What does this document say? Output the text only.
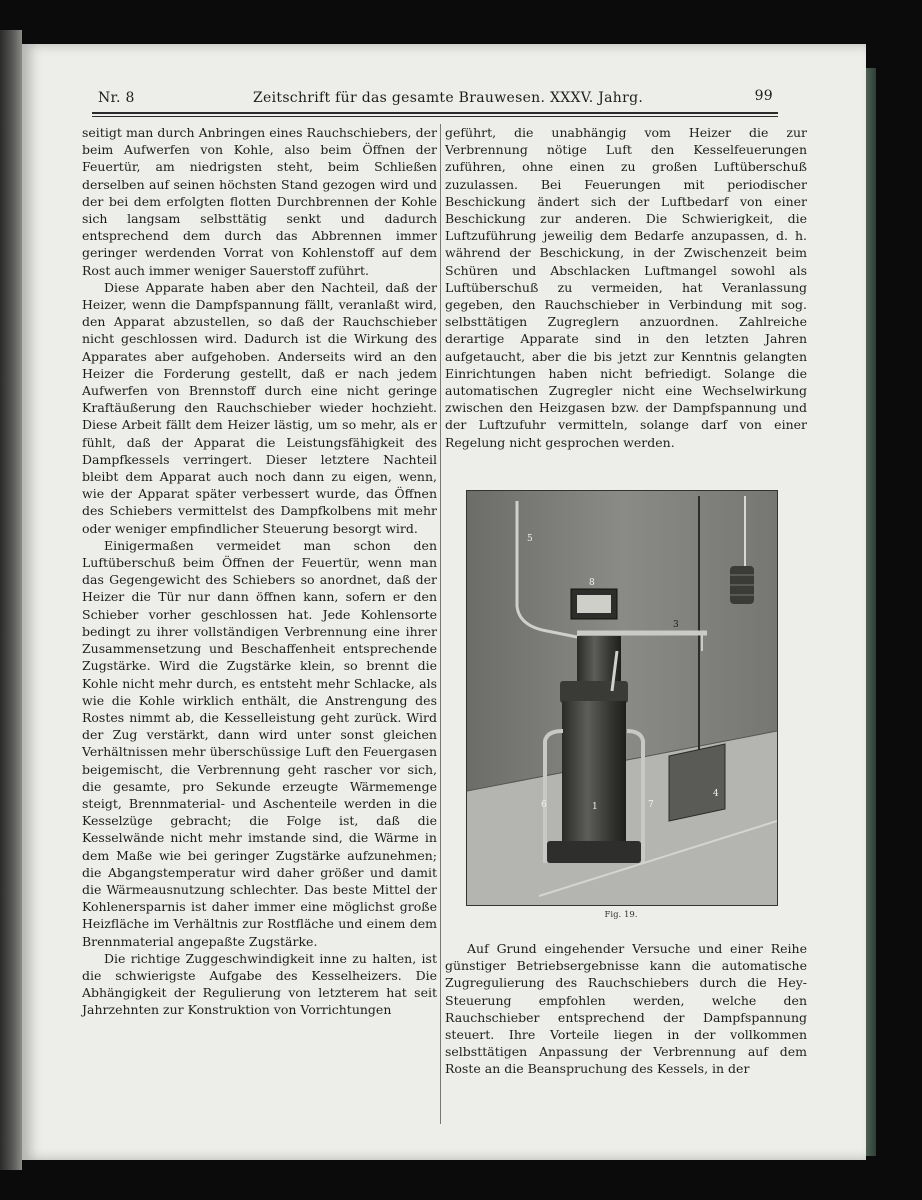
Nr. 8	Zeitschrift für das gesamte Brauwesen. XXXV. Jahrg.	99

seitigt man durch Anbringen eines Rauchschiebers, der beim Aufwerfen von Kohle, also beim Öffnen der Feuertür, am niedrigsten steht, beim Schließen derselben auf seinen höchsten Stand gezogen wird und der bei dem erfolgten flotten Durchbrennen der Kohle sich langsam selbsttätig senkt und dadurch entsprechend dem durch das Abbrennen immer geringer werdenden Vorrat von Kohlenstoff auf dem Rost auch immer weniger Sauerstoff zuführt.

Diese Apparate haben aber den Nachteil, daß der Heizer, wenn die Dampfspannung fällt, veranlaßt wird, den Apparat abzustellen, so daß der Rauchschieber nicht geschlossen wird. Dadurch ist die Wirkung des Apparates aber aufgehoben. Anderseits wird an den Heizer die Forderung gestellt, daß er nach jedem Aufwerfen von Brennstoff durch eine nicht geringe Kraftäußerung den Rauchschieber wieder hochzieht. Diese Arbeit fällt dem Heizer lästig, um so mehr, als er fühlt, daß der Apparat die Leistungsfähigkeit des Dampfkessels verringert. Dieser letztere Nachteil bleibt dem Apparat auch noch dann zu eigen, wenn, wie der Apparat später verbessert wurde, das Öffnen des Schiebers vermittelst des Dampfkolbens mit mehr oder weniger empfindlicher Steuerung besorgt wird.

Einigermaßen vermeidet man schon den Luftüberschuß beim Öffnen der Feuertür, wenn man das Gegengewicht des Schiebers so anordnet, daß der Heizer die Tür nur dann öffnen kann, sofern er den Schieber vorher geschlossen hat. Jede Kohlensorte bedingt zu ihrer vollständigen Verbrennung eine ihrer Zusammensetzung und Beschaffenheit entsprechende Zugstärke. Wird die Zugstärke klein, so brennt die Kohle nicht mehr durch, es entsteht mehr Schlacke, als wie die Kohle wirklich enthält, die Anstrengung des Rostes nimmt ab, die Kesselleistung geht zurück. Wird der Zug verstärkt, dann wird unter sonst gleichen Verhältnissen mehr überschüssige Luft den Feuergasen beigemischt, die Verbrennung geht rascher vor sich, die gesamte, pro Sekunde erzeugte Wärmemenge steigt, Brennmaterial- und Aschenteile werden in die Kesselzüge gebracht; die Folge ist, daß die Kesselwände nicht mehr imstande sind, die Wärme in dem Maße wie bei geringer Zugstärke aufzunehmen; die Abgangstemperatur wird daher größer und damit die Wärmeausnutzung schlechter. Das beste Mittel der Kohlenersparnis ist daher immer eine möglichst große Heizfläche im Verhältnis zur Rostfläche und einem dem Brennmaterial angepaßte Zugstärke.

Die richtige Zuggeschwindigkeit inne zu halten, ist die schwierigste Aufgabe des Kesselheizers. Die Abhängigkeit der Regulierung von letzterem hat seit Jahrzehnten zur Konstruktion von Vorrichtungen

geführt, die unabhängig vom Heizer die zur Verbrennung nötige Luft den Kesselfeuerungen zuführen, ohne einen zu großen Luftüberschuß zuzulassen. Bei Feuerungen mit periodischer Beschickung ändert sich der Luftbedarf von einer Beschickung zur anderen. Die Schwierigkeit, die Luftzuführung jeweilig dem Bedarfe anzupassen, d. h. während der Beschickung, in der Zwischenzeit beim Schüren und Abschlacken Luftmangel sowohl als Luftüberschuß zu vermeiden, hat Veranlassung gegeben, den Rauchschieber in Verbindung mit sog. selbsttätigen Zugreglern anzuordnen. Zahlreiche derartige Apparate sind in den letzten Jahren aufgetaucht, aber die bis jetzt zur Kenntnis gelangten Einrichtungen haben nicht befriedigt. Solange die automatischen Zugregler nicht eine Wechselwirkung zwischen den Heizgasen bzw. der Dampfspannung und der Luftzufuhr vermitteln, solange darf von einer Regelung nicht gesprochen werden.

8
5
3
4
6	1	7
Fig. 19.

Auf Grund eingehender Versuche und einer Reihe günstiger Betriebsergebnisse kann die automatische Zugregulierung des Rauchschiebers durch die Hey-Steuerung empfohlen werden, welche den Rauchschieber entsprechend der Dampfspannung steuert. Ihre Vorteile liegen in der vollkommen selbsttätigen Anpassung der Verbrennung auf dem Roste an die Beanspruchung des Kessels, in der
